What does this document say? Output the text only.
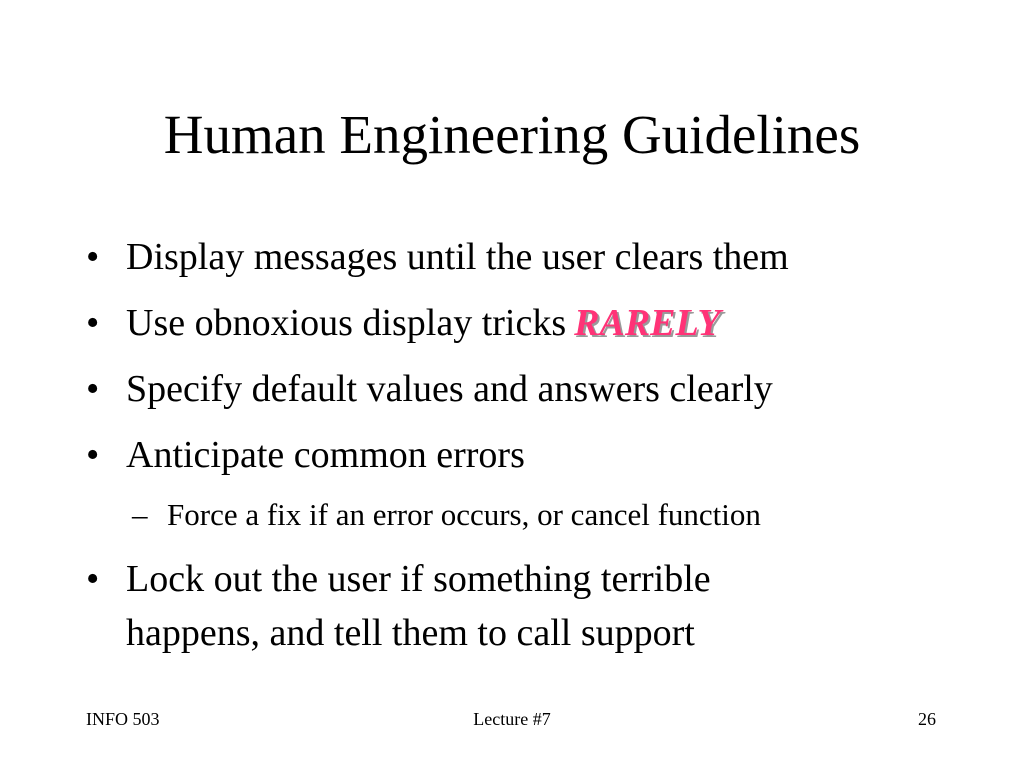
Human Engineering Guidelines
• Display messages until the user clears them
• Use obnoxious display tricks RARELY
• Specify default values and answers clearly
• Anticipate common errors
– Force a fix if an error occurs, or cancel function
• Lock out the user if something terrible
happens, and tell them to call support
INFO 503	Lecture #7	26
